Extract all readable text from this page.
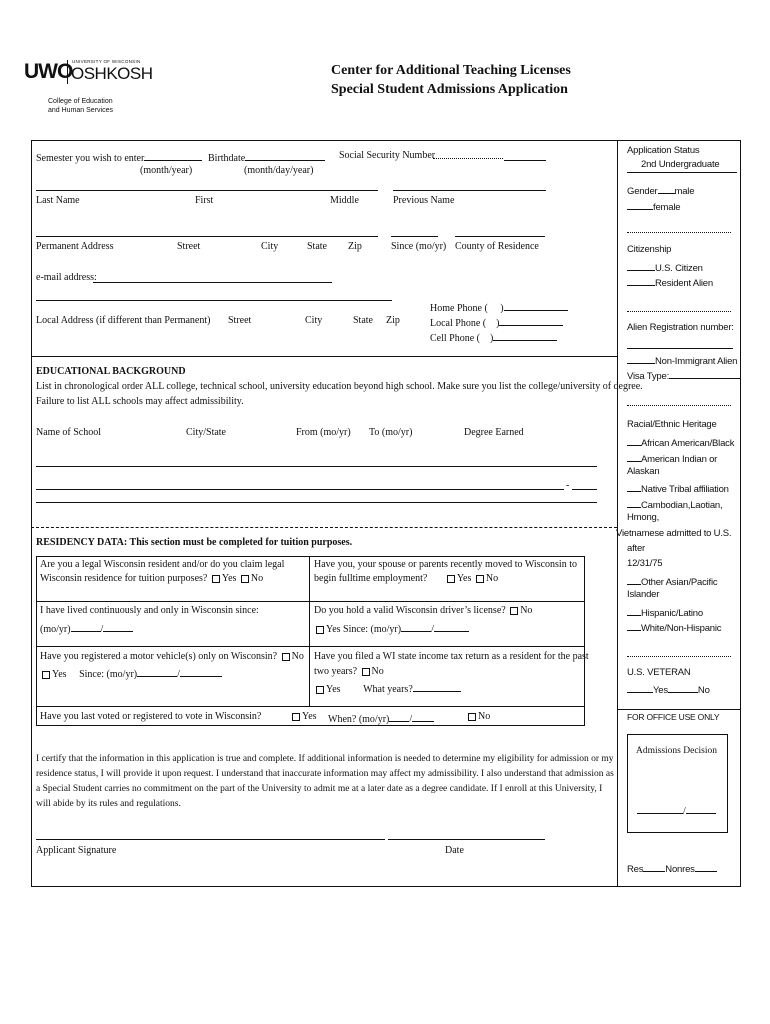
UWO UNIVERSITY OF WISCONSIN
OSHKOSH
College of Education
and Human Services
Center for Additional Teaching Licenses
Special Student Admissions Application
Semester you wish to enter
(month/year)
Birthdate
(month/day/year)
Social Security Number
Last Name	First	Middle	Previous Name
Permanent Address	Street	City	State Zip	Since (mo/yr) County of Residence
e-mail address:
Home Phone ( )
Local Phone ( )
Cell Phone ( )
Local Address (if different than Permanent) Street	City	State Zip
EDUCATIONAL BACKGROUND
List in chronological order ALL college, technical school, university education beyond high school. Make sure you list the college/university of degree.
Failure to list ALL schools may affect admissibility.
Name of School	City/State	From (mo/yr) To (mo/yr)	Degree Earned
-
RESIDENCY DATA: This section must be completed for tuition purposes.
Are you a legal Wisconsin resident and/or do you claim legal
Wisconsin residence for tuition purposes? Yes No
Have you, your spouse or parents recently moved to Wisconsin to
begin fulltime employment?	Yes No
I have lived continuously and only in Wisconsin since:
(mo/yr)	/
Do you hold a valid Wisconsin driver’s license? No
Yes Since: (mo/yr)	/
Have you registered a motor vehicle(s) only on Wisconsin? No
Yes Since: (mo/yr)	/
Have you filed a WI state income tax return as a resident for the past
two years? No
Yes What years?
Have you last voted or registered to vote in Wisconsin?	Yes When? (mo/yr) /	No
I certify that the information in this application is true and complete. If additional information is needed to determine my eligibility for admission or my
residence status, I will provide it upon request. I understand that inaccurate information may affect my admissibility. I also understand that admission as
a Special Student carries no commitment on the part of the University to admit me at a later date as a degree candidate. If I enroll at this University, I
will abide by its rules and regulations.
Applicant Signature	Date
Application Status
2nd Undergraduate
Gender male
female
Citizenship
U.S. Citizen
Resident Alien
Alien Registration number:
Non-Immigrant Alien
Visa Type:
Racial/Ethnic Heritage
African American/Black
American Indian or
Alaskan
Native Tribal affiliation
Cambodian,Laotian,
Hmong,
Vietnamese admitted to U.S.
after
12/31/75
Other Asian/Pacific
Islander
Hispanic/Latino
White/Non-Hispanic
U.S. VETERAN
Yes	No
FOR OFFICE USE ONLY
Admissions Decision
/
Res Nonres
